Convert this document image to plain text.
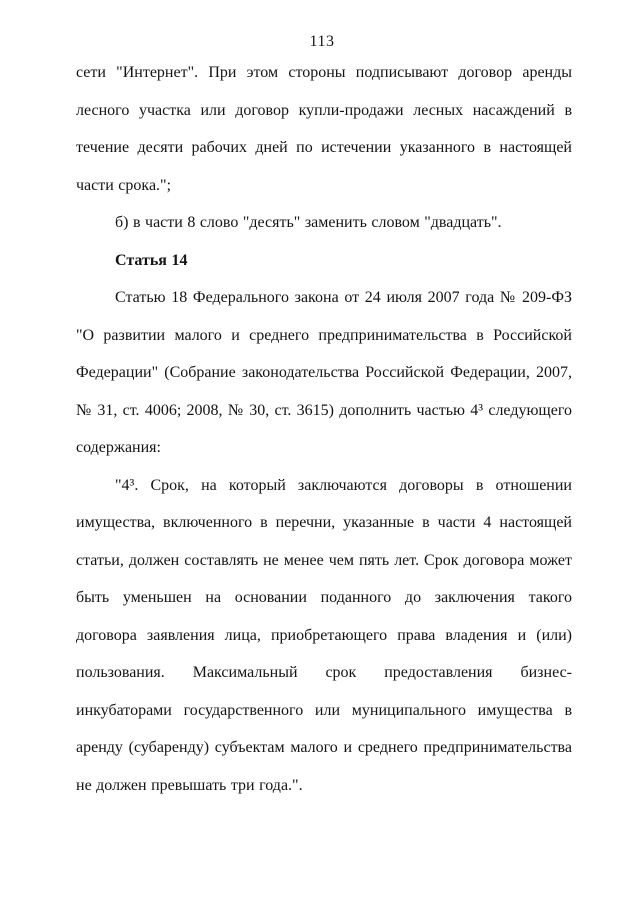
113

сети "Интернет". При этом стороны подписывают договор аренды лесного участка или договор купли-продажи лесных насаждений в течение десяти рабочих дней по истечении указанного в настоящей части срока.";

б) в части 8 слово "десять" заменить словом "двадцать".

Статья 14

Статью 18 Федерального закона от 24 июля 2007 года № 209-ФЗ "О развитии малого и среднего предпринимательства в Российской Федерации" (Собрание законодательства Российской Федерации, 2007, № 31, ст. 4006; 2008, № 30, ст. 3615) дополнить частью 4³ следующего содержания:

"4³. Срок, на который заключаются договоры в отношении имущества, включенного в перечни, указанные в части 4 настоящей статьи, должен составлять не менее чем пять лет. Срок договора может быть уменьшен на основании поданного до заключения такого договора заявления лица, приобретающего права владения и (или) пользования. Максимальный срок предоставления бизнес-инкубаторами государственного или муниципального имущества в аренду (субаренду) субъектам малого и среднего предпринимательства не должен превышать три года.".
